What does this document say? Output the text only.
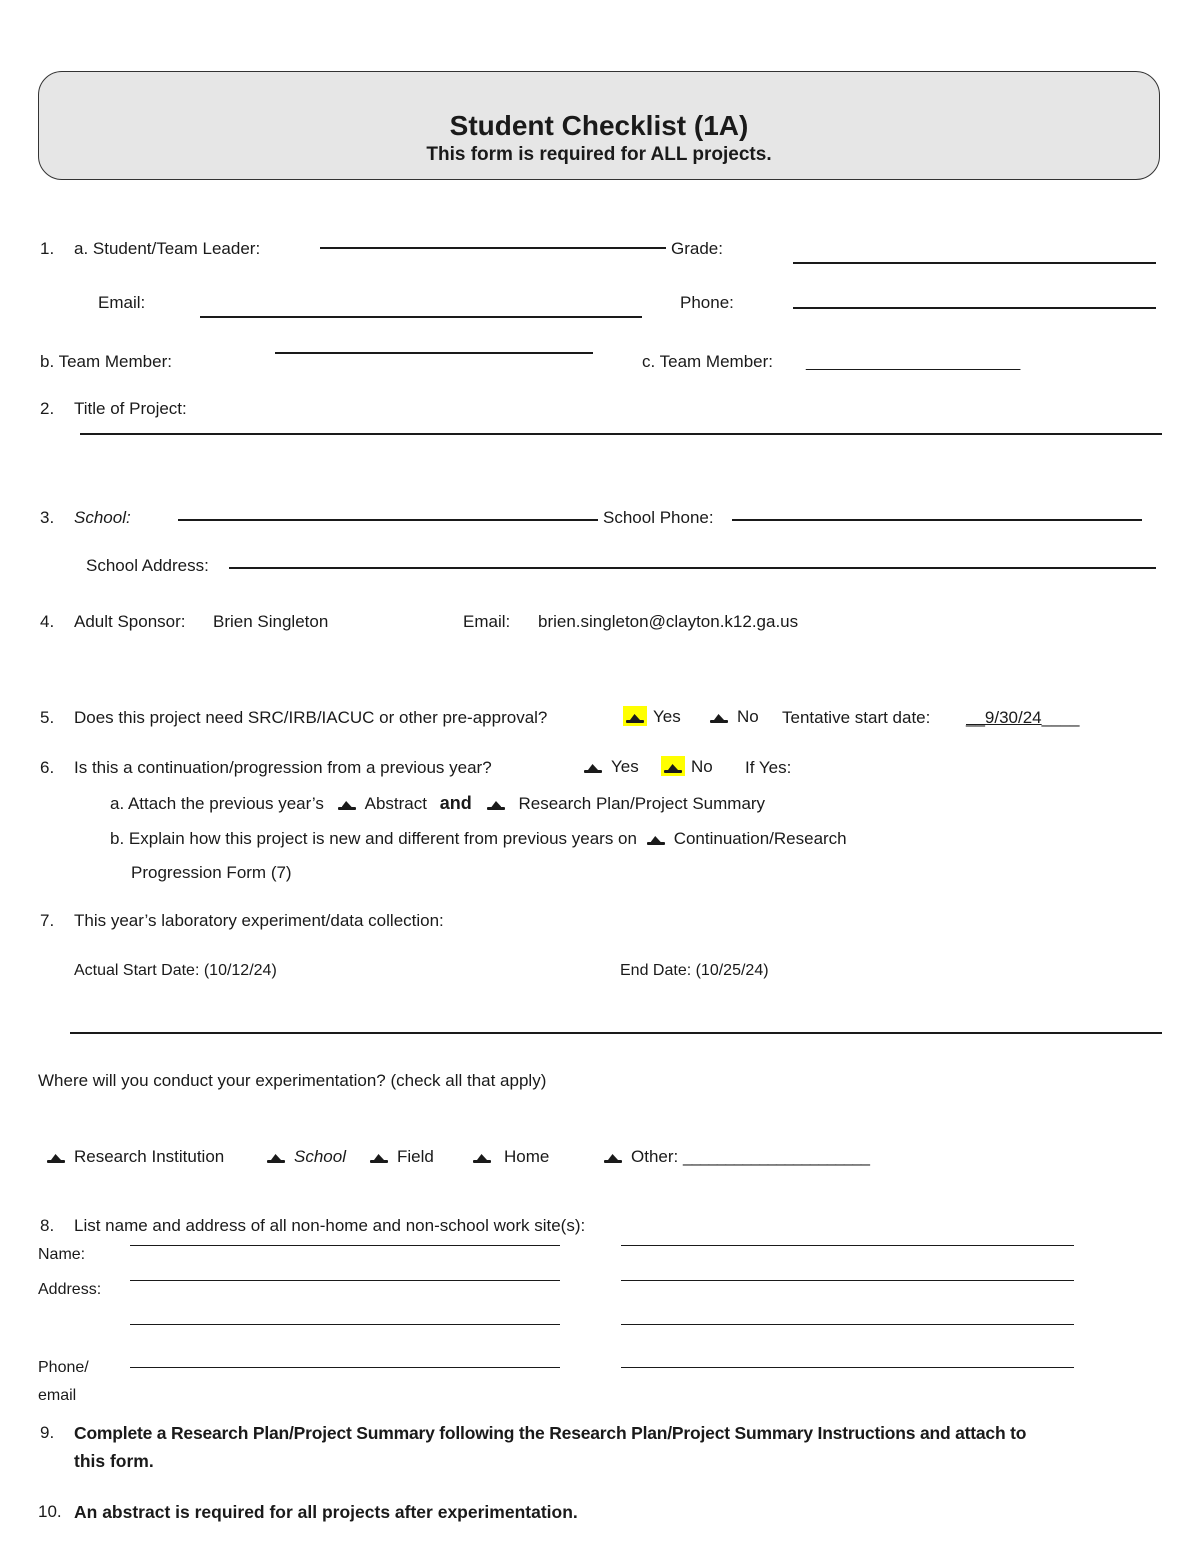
Student Checklist (1A)
This form is required for ALL projects.
1. a. Student/Team Leader:	Grade:
Email:	Phone:
b. Team Member:	c. Team Member: ___________________________
2. Title of Project:
3. School:	School Phone:
School Address:
4. Adult Sponsor: Brien Singleton	Email: brien.singleton@clayton.k12.ga.us
5. Does this project need SRC/IRB/IACUC or other pre-approval?	Yes	No Tentative start date: __9/30/24____
6. Is this a continuation/progression from a previous year?	Yes	No If Yes:
a. Attach the previous year’s Abstract and	Research Plan/Project Summary
b. Explain how this project is new and different from previous years on Continuation/Research
Progression Form (7)
7. This year’s laboratory experiment/data collection:
Actual Start Date: (10/12/24)	End Date: (10/25/24)
Where will you conduct your experimentation? (check all that apply)
Research Institution	School	Field	Home	Other: ______________________
8. List name and address of all non-home and non-school work site(s):
Name:
Address:
Phone/
email
9. Complete a Research Plan/Project Summary following the Research Plan/Project Summary Instructions and attach to
this form.
10. An abstract is required for all projects after experimentation.
